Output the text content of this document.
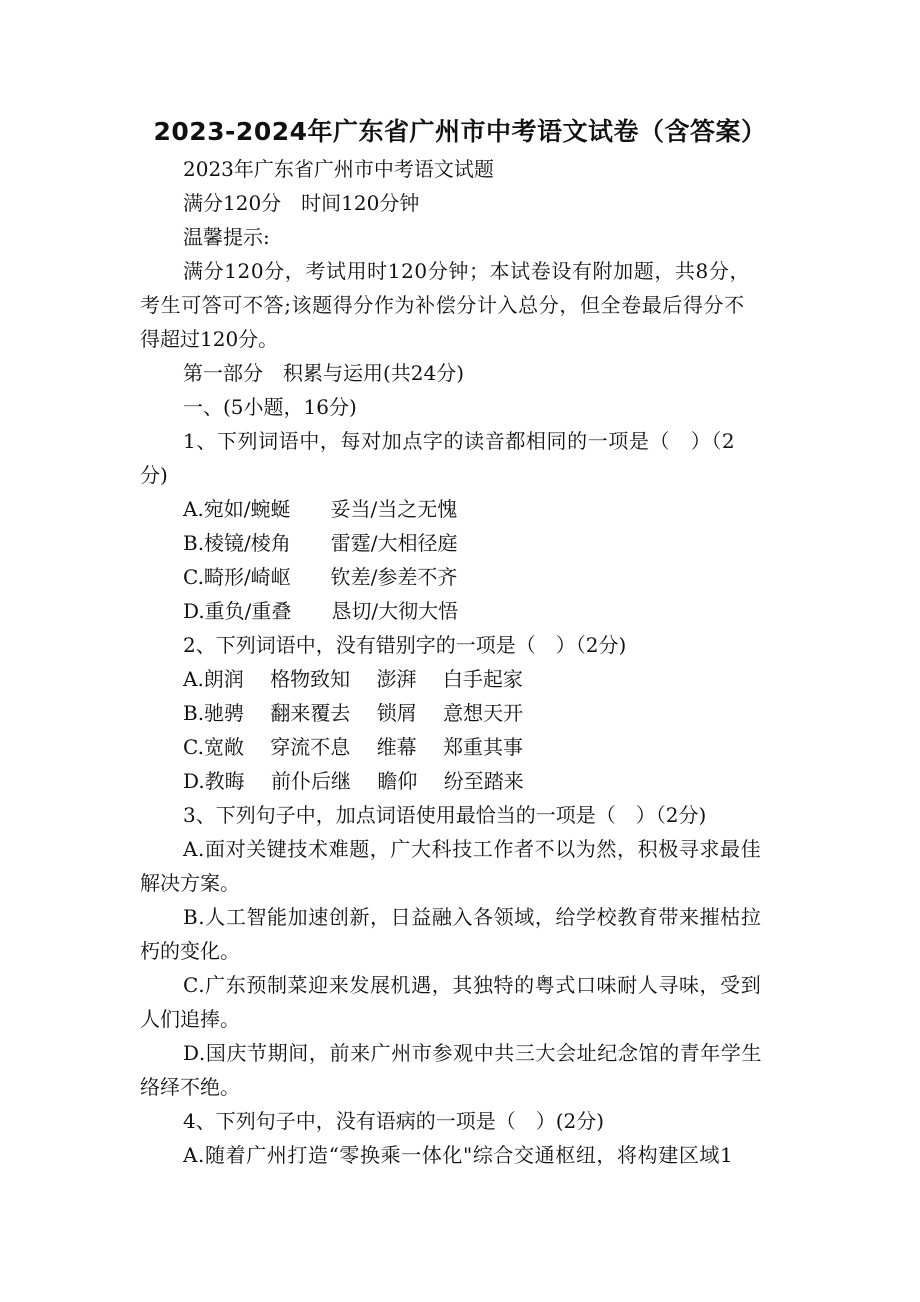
2023-2024年广东省广州市中考语文试卷（含答案）
2023年广东省广州市中考语文试题
满分120分　时间120分钟
温馨提示:
满分120分，考试用时120分钟；本试卷设有附加题，共8分，
考生可答可不答;该题得分作为补偿分计入总分，但全卷最后得分不
得超过120分。
第一部分　积累与运用(共24分)
一、(5小题，16分)
1、下列词语中，每对加点字的读音都相同的一项是（　）（2
分)
A.宛如/蜿蜒　　妥当/当之无愧
B.棱镜/棱角　　雷霆/大相径庭
C.畸形/崎岖　　钦差/参差不齐
D.重负/重叠　　恳切/大彻大悟
2、下列词语中，没有错别字的一项是（　）（2分)
A.朗润　 格物致知　 澎湃　 白手起家
B.驰骋　 翻来覆去　 锁屑　 意想天开
C.宽敞　 穿流不息　 维幕　 郑重其事
D.教晦　 前仆后继　 瞻仰　 纷至踏来
3、下列句子中，加点词语使用最恰当的一项是（　）（2分)
A.面对关键技术难题，广大科技工作者不以为然，积极寻求最佳
解决方案。
B.人工智能加速创新，日益融入各领域，给学校教育带来摧枯拉
朽的变化。
C.广东预制菜迎来发展机遇，其独特的粤式口味耐人寻味，受到
人们追捧。
D.国庆节期间，前来广州市参观中共三大会址纪念馆的青年学生
络绎不绝。
4、下列句子中，没有语病的一项是（　）(2分)
A.随着广州打造“零换乘一体化"综合交通枢纽，将构建区域1
